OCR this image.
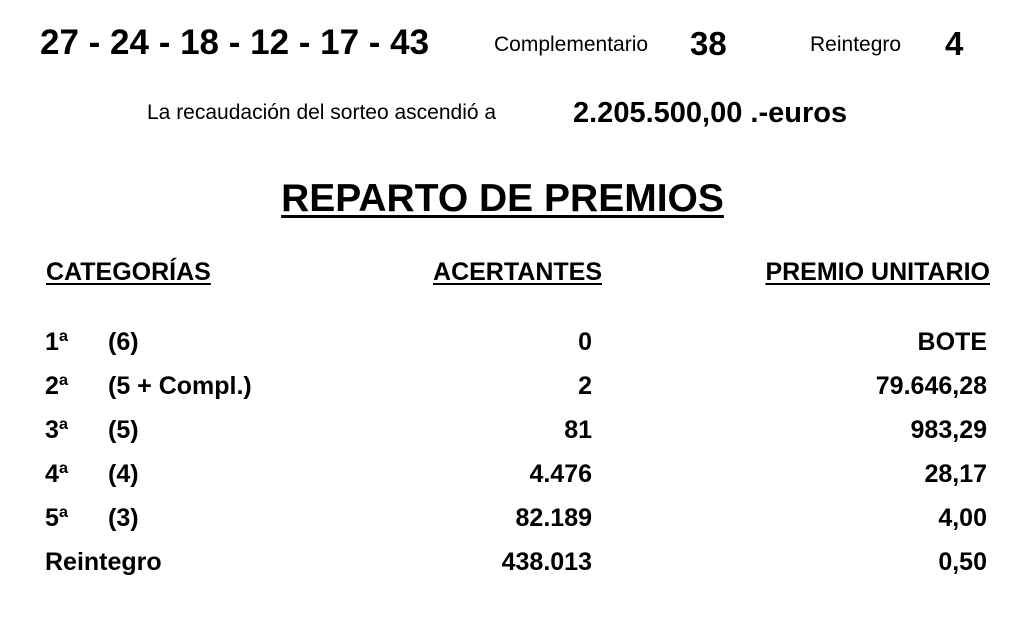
27 - 24 - 18 - 12 - 17 - 43	Complementario 38	Reintegro 4
La recaudación del sorteo ascendió a	2.205.500,00 .-euros
REPARTO DE PREMIOS
CATEGORÍAS	ACERTANTES	PREMIO UNITARIO
1ª (6)	0	BOTE
2ª (5 + Compl.)	2	79.646,28
3ª (5)	81	983,29
4ª (4)	4.476	28,17
5ª (3)	82.189	4,00
Reintegro	438.013	0,50
